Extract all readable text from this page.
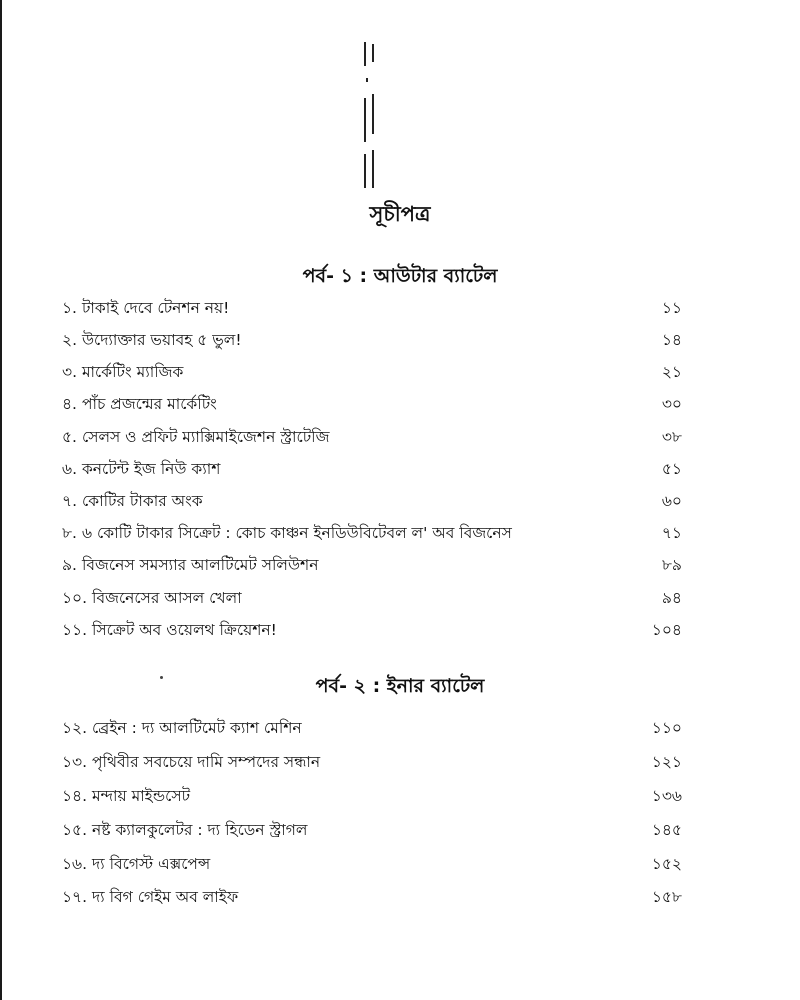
সূচীপত্র
পর্ব- ১ : আউটার ব্যাটেল
১. টাকাই দেবে টেনশন নয়!	১১
২. উদ্যোক্তার ভয়াবহ ৫ ভুল!	১৪
৩. মার্কেটিং ম্যাজিক	২১
৪. পাঁচ প্রজন্মের মার্কেটিং	৩০
৫. সেলস ও প্রফিট ম্যাক্সিমাইজেশন স্ট্রাটেজি	৩৮
৬. কনটেন্ট ইজ নিউ ক্যাশ	৫১
৭. কোটির টাকার অংক	৬০
৮. ৬ কোটি টাকার সিক্রেট : কোচ কাঞ্চন ইনডিউবিটেবল ল' অব বিজনেস	৭১
৯. বিজনেস সমস্যার আলটিমেট সলিউশন	৮৯
১০. বিজনেসের আসল খেলা	৯৪
১১. সিক্রেট অব ওয়েলথ ক্রিয়েশন!	১০৪
পর্ব- ২ : ইনার ব্যাটেল
১২. ব্রেইন : দ্য আলটিমেট ক্যাশ মেশিন	১১০
১৩. পৃথিবীর সবচেয়ে দামি সম্পদের সন্ধান	১২১
১৪. মন্দায় মাইন্ডসেট	১৩৬
১৫. নষ্ট ক্যালকুলেটর : দ্য হিডেন স্ট্রাগল	১৪৫
১৬. দ্য বিগেস্ট এক্সপেন্স	১৫২
১৭. দ্য বিগ গেইম অব লাইফ	১৫৮
